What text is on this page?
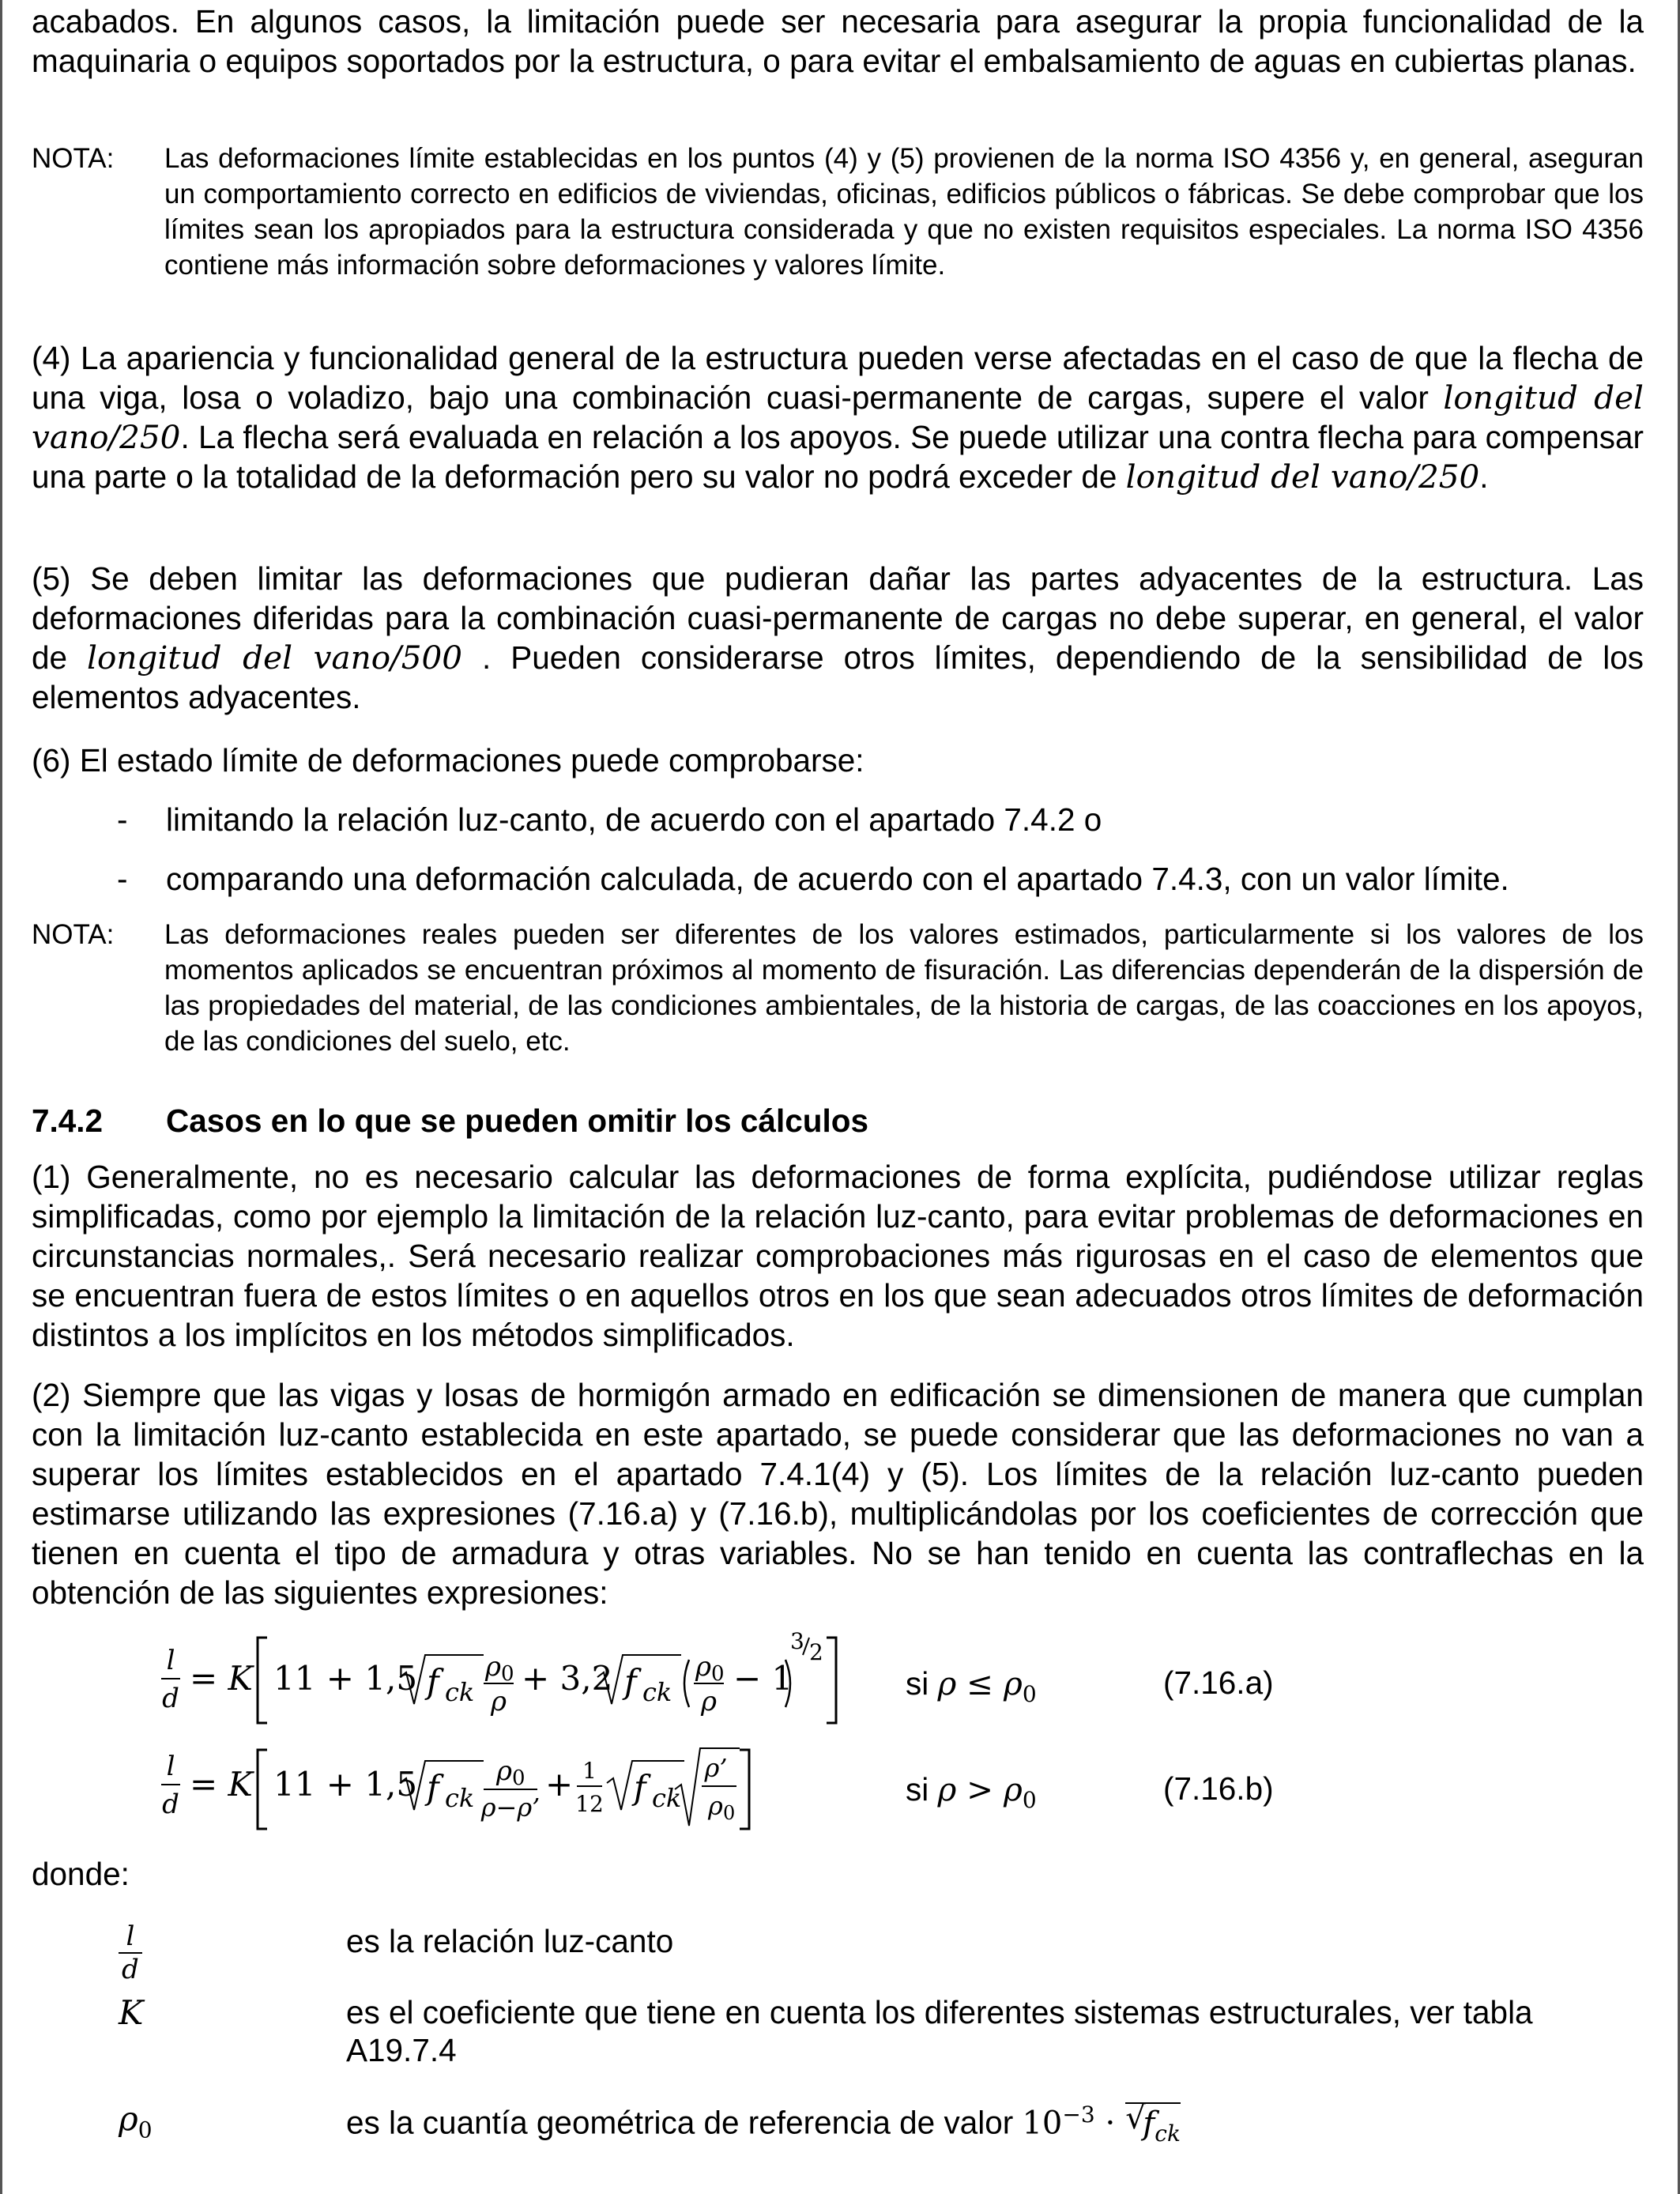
acabados. En algunos casos, la limitación puede ser necesaria para asegurar la propia funcionalidad de la maquinaria o equipos soportados por la estructura, o para evitar el embalsamiento de aguas en cubiertas planas.
NOTA: Las deformaciones límite establecidas en los puntos (4) y (5) provienen de la norma ISO 4356 y, en general, aseguran un comportamiento correcto en edificios de viviendas, oficinas, edificios públicos o fábricas. Se debe comprobar que los límites sean los apropiados para la estructura considerada y que no existen requisitos especiales. La norma ISO 4356 contiene más información sobre deformaciones y valores límite.
(4) La apariencia y funcionalidad general de la estructura pueden verse afectadas en el caso de que la flecha de una viga, losa o voladizo, bajo una combinación cuasi-permanente de cargas, supere el valor longitud del vano/250. La flecha será evaluada en relación a los apoyos. Se puede utilizar una contra flecha para compensar una parte o la totalidad de la deformación pero su valor no podrá exceder de longitud del vano/250.
(5) Se deben limitar las deformaciones que pudieran dañar las partes adyacentes de la estructura. Las deformaciones diferidas para la combinación cuasi-permanente de cargas no debe superar, en general, el valor de longitud del vano/500 . Pueden considerarse otros límites, dependiendo de la sensibilidad de los elementos adyacentes.
(6) El estado límite de deformaciones puede comprobarse:
- limitando la relación luz-canto, de acuerdo con el apartado 7.4.2 o
- comparando una deformación calculada, de acuerdo con el apartado 7.4.3, con un valor límite.
NOTA: Las deformaciones reales pueden ser diferentes de los valores estimados, particularmente si los valores de los momentos aplicados se encuentran próximos al momento de fisuración. Las diferencias dependerán de la dispersión de las propiedades del material, de las condiciones ambientales, de la historia de cargas, de las coacciones en los apoyos, de las condiciones del suelo, etc.
7.4.2 Casos en lo que se pueden omitir los cálculos
(1) Generalmente, no es necesario calcular las deformaciones de forma explícita, pudiéndose utilizar reglas simplificadas, como por ejemplo la limitación de la relación luz-canto, para evitar problemas de deformaciones en circunstancias normales,. Será necesario realizar comprobaciones más rigurosas en el caso de elementos que se encuentran fuera de estos límites o en aquellos otros en los que sean adecuados otros límites de deformación distintos a los implícitos en los métodos simplificados.
(2) Siempre que las vigas y losas de hormigón armado en edificación se dimensionen de manera que cumplan con la limitación luz-canto establecida en este apartado, se puede considerar que las deformaciones no van a superar los límites establecidos en el apartado 7.4.1(4) y (5). Los límites de la relación luz-canto pueden estimarse utilizando las expresiones (7.16.a) y (7.16.b), multiplicándolas por los coeficientes de corrección que tienen en cuenta el tipo de armadura y otras variables. No se han tenido en cuenta las contraflechas en la obtención de las siguientes expresiones:
l
d
= K 11 + 1,5 f ck
ρ 0
ρ
+ 3,2 f ck
ρ 0
ρ
− 1
3 2
si $\rho \le \rho_0$	(7.16.a)
l
d
= K 11 + 1,5 f ck
ρ 0
ρ−ρ’
+ 1
12 f ck
ρ’
ρ 0
si $\rho > \rho_0$	(7.16.b)
donde:
$\frac{l}{d}$	es la relación luz-canto
K	es el coeficiente que tiene en cuenta los diferentes sistemas estructurales, ver tabla A19.7.4
$\rho_0$	es la cuantía geométrica de referencia de valor $10^{-3}$ · √
$f_{ck}$
